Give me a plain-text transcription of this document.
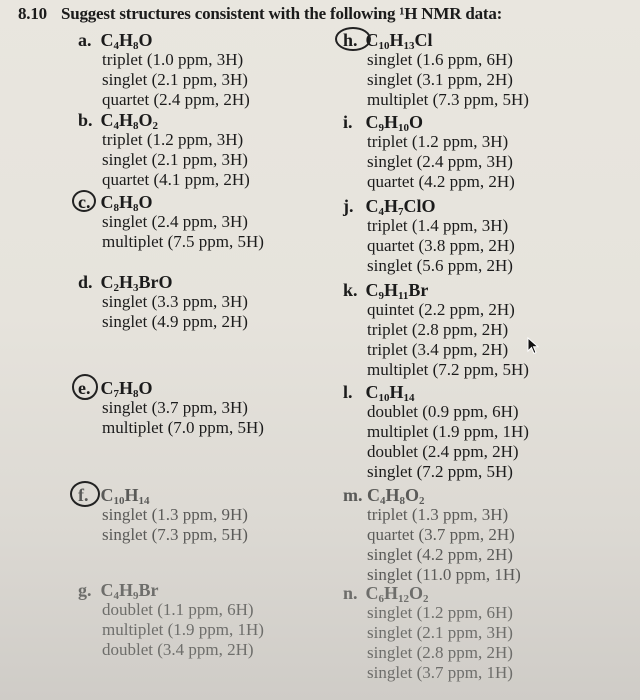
8.10 Suggest structures consistent with the following ¹H NMR data:
a. $C_4H_8O$
triplet (1.0 ppm, 3H)
singlet (2.1 ppm, 3H)
quartet (2.4 ppm, 2H)
b. $C_4H_8O_2$
triplet (1.2 ppm, 3H)
singlet (2.1 ppm, 3H)
quartet (4.1 ppm, 2H)
c. $C_8H_8O$
singlet (2.4 ppm, 3H)
multiplet (7.5 ppm, 5H)
d. $C_2H_3BrO$
singlet (3.3 ppm, 3H)
singlet (4.9 ppm, 2H)
e. $C_7H_8O$
singlet (3.7 ppm, 3H)
multiplet (7.0 ppm, 5H)
f. $C_{10}H_{14}$
singlet (1.3 ppm, 9H)
singlet (7.3 ppm, 5H)
g. $C_4H_9Br$
doublet (1.1 ppm, 6H)
multiplet (1.9 ppm, 1H)
doublet (3.4 ppm, 2H)
h. $C_{10}H_{13}Cl$
singlet (1.6 ppm, 6H)
singlet (3.1 ppm, 2H)
multiplet (7.3 ppm, 5H)
i. $C_9H_{10}O$
triplet (1.2 ppm, 3H)
singlet (2.4 ppm, 3H)
quartet (4.2 ppm, 2H)
j. $C_4H_7ClO$
triplet (1.4 ppm, 3H)
quartet (3.8 ppm, 2H)
singlet (5.6 ppm, 2H)
k. $C_9H_{11}Br$
quintet (2.2 ppm, 2H)
triplet (2.8 ppm, 2H)
triplet (3.4 ppm, 2H)
multiplet (7.2 ppm, 5H)
l. $C_{10}H_{14}$
doublet (0.9 ppm, 6H)
multiplet (1.9 ppm, 1H)
doublet (2.4 ppm, 2H)
singlet (7.2 ppm, 5H)
m. $C_4H_8O_2$
triplet (1.3 ppm, 3H)
quartet (3.7 ppm, 2H)
singlet (4.2 ppm, 2H)
singlet (11.0 ppm, 1H)
n. $C_6H_{12}O_2$
singlet (1.2 ppm, 6H)
singlet (2.1 ppm, 3H)
singlet (2.8 ppm, 2H)
singlet (3.7 ppm, 1H)
